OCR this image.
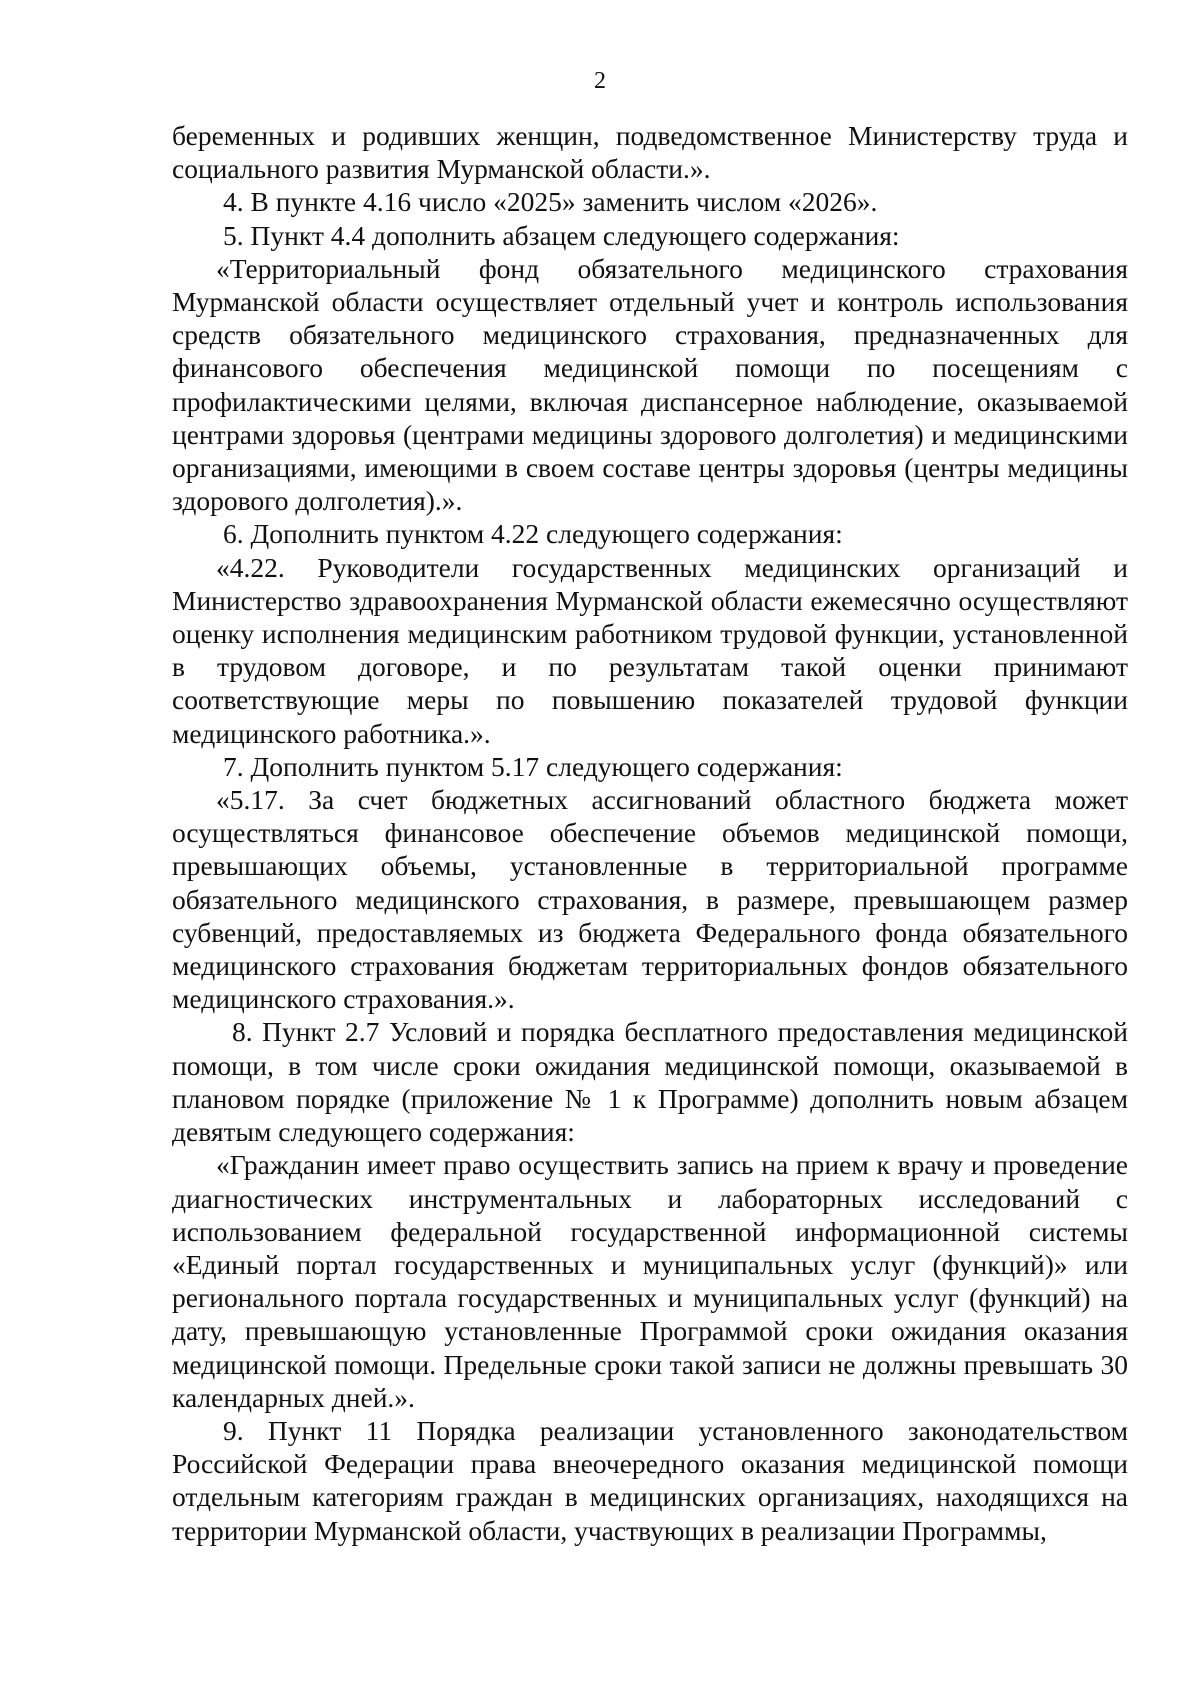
2

беременных и родивших женщин, подведомственное Министерству труда и социального развития Мурманской области.».

4. В пункте 4.16 число «2025» заменить числом «2026».

5. Пункт 4.4 дополнить абзацем следующего содержания:

«Территориальный фонд обязательного медицинского страхования Мурманской области осуществляет отдельный учет и контроль использования средств обязательного медицинского страхования, предназначенных для финансового обеспечения медицинской помощи по посещениям с профилактическими целями, включая диспансерное наблюдение, оказываемой центрами здоровья (центрами медицины здорового долголетия) и медицинскими организациями, имеющими в своем составе центры здоровья (центры медицины здорового долголетия).».

6. Дополнить пунктом 4.22 следующего содержания:

«4.22. Руководители государственных медицинских организаций и Министерство здравоохранения Мурманской области ежемесячно осуществляют оценку исполнения медицинским работником трудовой функции, установленной в трудовом договоре, и по результатам такой оценки принимают соответствующие меры по повышению показателей трудовой функции медицинского работника.».

7. Дополнить пунктом 5.17 следующего содержания:

«5.17. За счет бюджетных ассигнований областного бюджета может осуществляться финансовое обеспечение объемов медицинской помощи, превышающих объемы, установленные в территориальной программе обязательного медицинского страхования, в размере, превышающем размер субвенций, предоставляемых из бюджета Федерального фонда обязательного медицинского страхования бюджетам территориальных фондов обязательного медицинского страхования.».

8. Пункт 2.7 Условий и порядка бесплатного предоставления медицинской помощи, в том числе сроки ожидания медицинской помощи, оказываемой в плановом порядке (приложение № 1 к Программе) дополнить новым абзацем девятым следующего содержания:

«Гражданин имеет право осуществить запись на прием к врачу и проведение диагностических инструментальных и лабораторных исследований с использованием федеральной государственной информационной системы «Единый портал государственных и муниципальных услуг (функций)» или регионального портала государственных и муниципальных услуг (функций) на дату, превышающую установленные Программой сроки ожидания оказания медицинской помощи. Предельные сроки такой записи не должны превышать 30 календарных дней.».

9. Пункт 11 Порядка реализации установленного законодательством Российской Федерации права внеочередного оказания медицинской помощи отдельным категориям граждан в медицинских организациях, находящихся на территории Мурманской области, участвующих в реализации Программы,
